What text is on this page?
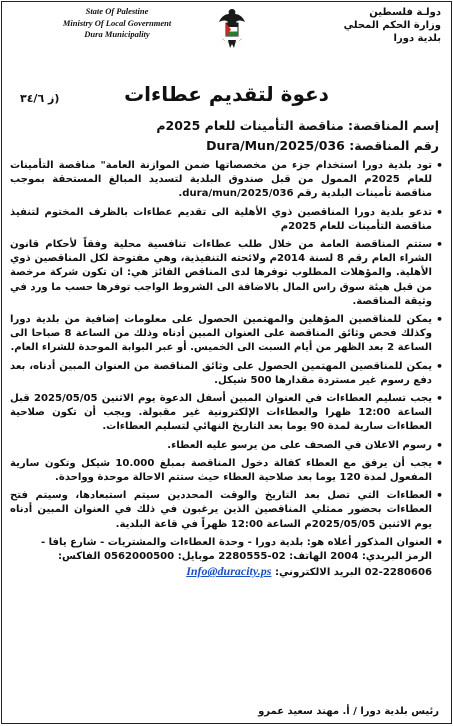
State Of Palestine
Ministry Of Local Government
Dura Municipality
دولـة فلسطين
وزارة الحكم المحلي
بلدية دورا
ز ٣٤/٦)	دعوة لتقديم عطاءات
إسم المناقصة: مناقصة التأمينات للعام 2025م
رقم المناقصة: Dura/Mun/2025/036
• تود بلدية دورا استخدام جزء من مخصصاتها ضمن الموازنة العامة" مناقصة التأمينات للعام 2025م الممول من قبل صندوق البلدية لتسديد المبالغ المستحقة بموجب مناقصة تأمينات البلدية رقم dura/mun/2025/036.
• تدعو بلدية دورا المناقصين ذوي الأهلية الى تقديم عطاءات بالظرف المختوم لتنفيذ مناقصة التأمينات للعام 2025م
• ستتم المناقصة العامة من خلال طلب عطاءات تنافسية محلية وفقاً لأحكام قانون الشراء العام رقم 8 لسنة 2014م ولائحته التنفيذية، وهي مفتوحة لكل المناقصين ذوي الأهلية. والمؤهلات المطلوب توفرها لدى المناقص الفائز هي: ان تكون شركة مرخصة من قبل هيئة سوق راس المال بالاضافة الى الشروط الواجب توفرها حسب ما ورد في وثيقة المناقصة.
• يمكن للمناقصين المؤهلين والمهتمين الحصول على معلومات إضافية من بلدية دورا وكذلك فحص وثائق المناقصة على العنوان المبين أدناه وذلك من الساعة 8 صباحا الى الساعة 2 بعد الظهر من أيام السبت الى الخميس. أو عبر البوابة الموحدة للشراء العام.
• يمكن للمناقصين المهتمين الحصول على وثائق المناقصة من العنوان المبين أدناه، بعد دفع رسوم غير مستردة مقدارها 500 شيكل.
• يجب تسليم العطاءات في العنوان المبين أسفل الدعوة يوم الاثنين 2025/05/05 قبل الساعة 12:00 ظهرا والعطاءات الإلكترونية غير مقبولة. ويجب أن تكون صلاحية العطاءات سارية لمدة 90 يوما بعد التاريخ النهائي لتسليم العطاءات.
• رسوم الاعلان في الصحف على من يرسو عليه العطاء.
• يجب أن يرفق مع العطاء كفالة دخول المناقصة بمبلغ 10.000 شيكل وتكون سارية المفعول لمدة 120 يوما بعد صلاحية العطاء حيث ستتم الاحالة موحدة وواحدة.
• العطاءات التي تصل بعد التاريخ والوقت المحددين سيتم استبعادها، وسيتم فتح العطاءات بحضور ممثلي المناقصين الذين يرغبون في ذلك في العنوان المبين أدناه يوم الاثنين 2025/05/05م الساعة 12:00 ظهراً في قاعة البلدية.
• العنوان المذكور أعلاه هو: بلدية دورا - وحدة العطاءات والمشتريات - شارع يافا -
الرمز البريدي: 2004 الهاتف: 02-2280555 موبايل: 0562000500 الفاكس:
02-2280606 البريد الالكتروني: Info@duracity.ps
رئيس بلدية دورا / أ. مهند سعيد عمرو
